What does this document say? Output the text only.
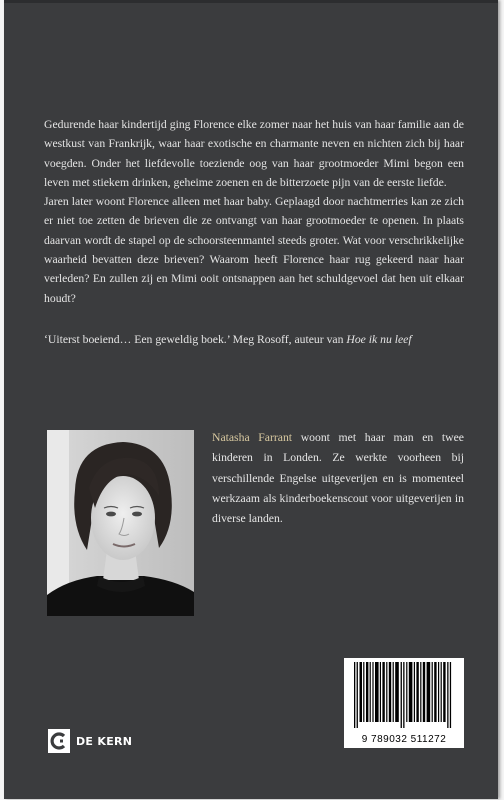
Gedurende haar kindertijd ging Florence elke zomer naar het huis van haar familie aan de westkust van Frankrijk, waar haar exotische en charmante neven en nichten zich bij haar voegden. Onder het liefdevolle toeziende oog van haar grootmoeder Mimi begon een leven met stiekem drinken, geheime zoenen en de bitterzoete pijn van de eerste liefde.

Jaren later woont Florence alleen met haar baby. Geplaagd door nachtmerries kan ze zich er niet toe zetten de brieven die ze ontvangt van haar grootmoeder te openen. In plaats daarvan wordt de stapel op de schoorsteenmantel steeds groter. Wat voor verschrikkelijke waarheid bevatten deze brieven? Waarom heeft Florence haar rug gekeerd naar haar verleden? En zullen zij en Mimi ooit ontsnappen aan het schuldgevoel dat hen uit elkaar houdt?

‘Uiterst boeiend… Een geweldig boek.’ Meg Rosoff, auteur van Hoe ik nu leef
Natasha Farrant woont met haar man en twee kinderen in Londen. Ze werkte voorheen bij verschillende Engelse uitgeverijen en is momenteel werkzaam als kinderboekenscout voor uitgeverijen in diverse landen.
DE KERN	9 789032 511272
